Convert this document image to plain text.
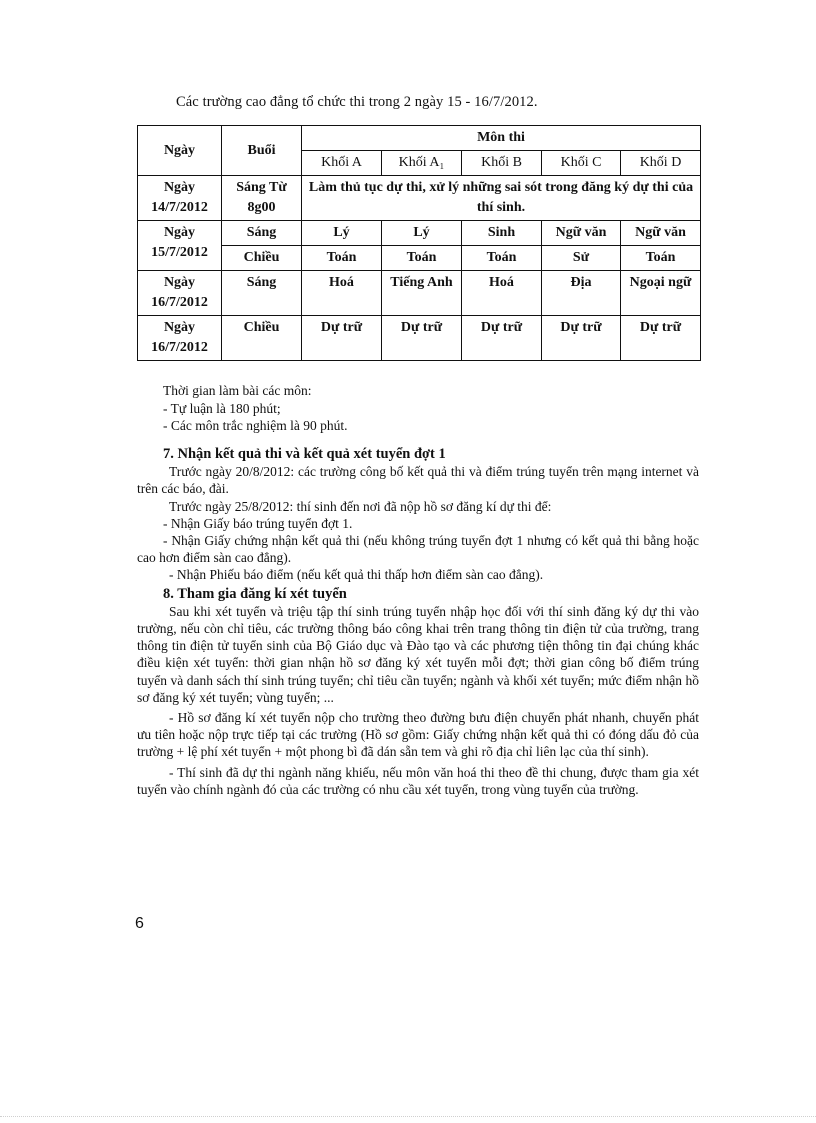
Các trường cao đẳng tổ chức thi trong 2 ngày 15 - 16/7/2012.
Ngày	Buổi	Môn thi				
		Khối A	Khối A₁	Khối B	Khối C	Khối D
Ngày 14/7/2012	Sáng Từ 8g00	Làm thủ tục dự thi, xử lý những sai sót trong đăng ký dự thi của thí sinh.				
Ngày 15/7/2012	Sáng	Lý	Lý	Sinh	Ngữ văn	Ngữ văn
	Chiều	Toán	Toán	Toán	Sử	Toán
Ngày 16/7/2012	Sáng	Hoá	Tiếng Anh	Hoá	Địa	Ngoại ngữ
Ngày 16/7/2012	Chiều	Dự trữ	Dự trữ	Dự trữ	Dự trữ	Dự trữ

Thời gian làm bài các môn:

- Tự luận là 180 phút;

- Các môn trắc nghiệm là 90 phút.

7. Nhận kết quả thi và kết quả xét tuyển đợt 1

Trước ngày 20/8/2012: các trường công bố kết quả thi và điểm trúng tuyển trên mạng internet và trên các báo, đài.

Trước ngày 25/8/2012: thí sinh đến nơi đã nộp hồ sơ đăng kí dự thi để:

- Nhận Giấy báo trúng tuyển đợt 1.

- Nhận Giấy chứng nhận kết quả thi (nếu không trúng tuyển đợt 1 nhưng có kết quả thi bằng hoặc cao hơn điểm sàn cao đẳng).

- Nhận Phiếu báo điểm (nếu kết quả thi thấp hơn điểm sàn cao đẳng).

8. Tham gia đăng kí xét tuyển

Sau khi xét tuyển và triệu tập thí sinh trúng tuyển nhập học đối với thí sinh đăng ký dự thi vào trường, nếu còn chỉ tiêu, các trường thông báo công khai trên trang thông tin điện tử của trường, trang thông tin điện tử tuyển sinh của Bộ Giáo dục và Đào tạo và các phương tiện thông tin đại chúng khác điều kiện xét tuyển: thời gian nhận hồ sơ đăng ký xét tuyển mỗi đợt; thời gian công bố điểm trúng tuyển và danh sách thí sinh trúng tuyển; chỉ tiêu cần tuyển; ngành và khối xét tuyển; mức điểm nhận hồ sơ đăng ký xét tuyển; vùng tuyển; ...

- Hồ sơ đăng kí xét tuyển nộp cho trường theo đường bưu điện chuyển phát nhanh, chuyển phát ưu tiên hoặc nộp trực tiếp tại các trường (Hồ sơ gồm: Giấy chứng nhận kết quả thi có đóng dấu đỏ của trường + lệ phí xét tuyển + một phong bì đã dán sẵn tem và ghi rõ địa chỉ liên lạc của thí sinh).

- Thí sinh đã dự thi ngành năng khiếu, nếu môn văn hoá thi theo đề thi chung, được tham gia xét tuyển vào chính ngành đó của các trường có nhu cầu xét tuyển, trong vùng tuyển của trường.

6
